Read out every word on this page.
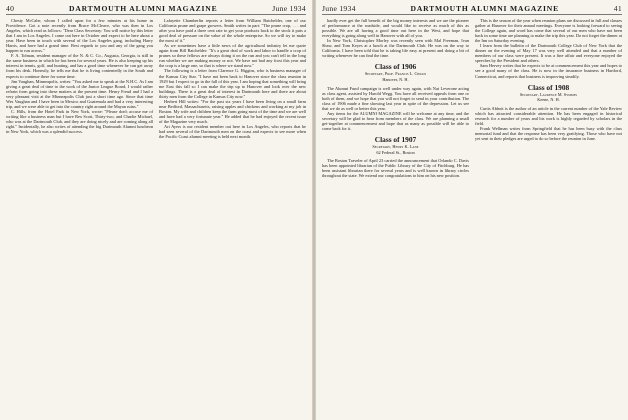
40	DARTMOUTH ALUMNI MAGAZINE	June 1934

Chesty McCabe, whom I called upon for a few minutes at his home in Providence. Got a note recently from Bruce McCleave, who was then in Los Angeles, which read as follows: "Dear Class Secretary: You will notice by this letter that I am in Los Angeles. I came out here in October and expect to be here about a year. Have been in touch with several of the Los Angeles gang, including Harry Harris, and have had a grand time. Best regards to you and any of the gang you happen to run across."

F. A. Tolman, resident manager of the N. & C. Co., Augusta, Georgia, is still in the same business in which he has been for several years. He is also keeping up his interest in tennis, golf, and hunting, and has a good time whenever he can get away from his desk. Honestly, he tells me that he is living contentedly in the South and expects to continue there for some time.

Jim Vaughan, Minneapolis, writes: "You asked me to speak at the N.H.C. As I am giving a great deal of time to the work of the Junior League Board, I would rather refrain from going into these matters at the present time. Henry Freud and I had a very pleasant visit at the Minneapolis Club just a short time ago. Since that time Wes Vaughan and I have been in Mexico and Guatemala and had a very interesting trip, and we were able to get into the country right around the Mayan ruins."

C. Hills, from the Hotel Park in New York, wrote: "Please don't accuse me of writing like a business man but I have Rex Scott, Thirty-two, and Charlie Michael, who was at the Dartmouth Club, and they are doing nicely and are coming along all right." Incidentally, he also writes of attending the big Dartmouth Alumni luncheon in New York, which was a splendid success.

Lafayette Chamberlin reports a letter from William Batchelder, one of our California prune and grape growers. Smith writes in part: "The prune crop, . . . and after you have paid a three cent rate to get your products back to the stock it puts a good deal of pressure on the value of the whole enterprise. So we will try to make the most of it."

As we sometimes have a little news of the agricultural industry let me quote again from Bill Batchelder: "It's a great deal of work and labor to handle a crop of prunes so these fellows are always doing it on the run and you can't tell in the long run whether we are making money or not. We have not had any frost this year and the crop is a large one, so that is where we stand now."

The following is a letter from Clarence G. Higgins, who is business manager of the Kansas City Star. "I have not been back to Hanover since the class reunion in 1929 but I expect to go in the fall of this year. I am hoping that something will bring me East this fall so I can make the trip up to Hanover and look over the new buildings. There is a great deal of interest in Dartmouth here and there are about thirty men from the College in Kansas City now."

Herbert Hill writes: "For the past six years I have been living on a small farm near Bedford, Massachusetts, raising apples and chickens and working at my job in Boston. My wife and children keep the farm going most of the time and we are well and have had a very fortunate year." He added that he had enjoyed the recent issue of the Magazine very much.

Art Ayers is our resident member out here in Los Angeles, who reports that he had seen several of the Dartmouth men on the coast and expects to see more when the Pacific Coast alumni meeting is held next month.

June 1934	DARTMOUTH ALUMNI MAGAZINE	41

hardly ever get the full benefit of the big money interests and we are the pioneer of performance at the roadside, and would like to receive as much of this as possible. We are all having a good time out here in the West, and hope that everything is going along well in Hanover with all of you.

In New York, Christopher Morley was recently seen with Mal Freeman, Ivan Shaw, and Tom Keyes at a lunch at the Dartmouth Club. He was on the way to California. I have been told that he is taking life easy at present and doing a bit of writing whenever he can find the time.

Class of 1906
Secretary, Prof. Francis L. Childs
Hanover, N. H.

The Alumni Fund campaign is well under way again, with Nat Leverone acting as class agent, assisted by Harold Wegg. You have all received appeals from one or both of them, and we hope that you will not forget to send in your contribution. The class of 1906 made a fine showing last year in spite of the depression. Let us see that we do as well or better this year.

Any items for the ALUMNI MAGAZINE will be welcome at any time, and the secretary will be glad to hear from members of the class. We are planning a small get-together at commencement and hope that as many as possible will be able to come back for it.

Class of 1907
Secretary, Henry K. Lane
62 Federal St., Boston

The Boston Traveler of April 23 carried the announcement that Orlando C. Davis has been appointed librarian of the Public Library of the City of Fitchburg. He has been assistant librarian there for several years and is well known in library circles throughout the state. We extend our congratulations to him on his new position.

This is the season of the year when reunion plans are discussed in full and classes gather at Hanover for their annual meetings. Everyone is looking forward to seeing the College again, and word has come that several of our men who have not been back in some time are planning to make the trip this year. Do not forget the dinner at the Inn on Saturday evening.

I learn from the bulletin of the Dartmouth College Club of New York that the dinner on the evening of May 17 was very well attended and that a number of members of our class were present. It was a fine affair and everyone enjoyed the speeches by the President and others.

Sam Hervey writes that he expects to be at commencement this year and hopes to see a good many of the class. He is now in the insurance business in Hartford, Connecticut, and reports that business is improving steadily.

Class of 1908
Secretary, Laurence M. Symmes
Keene, N. H.

Curtis Abbott is the author of an article in the current number of the Yale Review which has attracted considerable attention. He has been engaged in historical research for a number of years and his work is highly regarded by scholars in the field.

Frank Wellman writes from Springfield that he has been busy with the class memorial fund and that the response has been very gratifying. Those who have not yet sent in their pledges are urged to do so before the reunion in June.
